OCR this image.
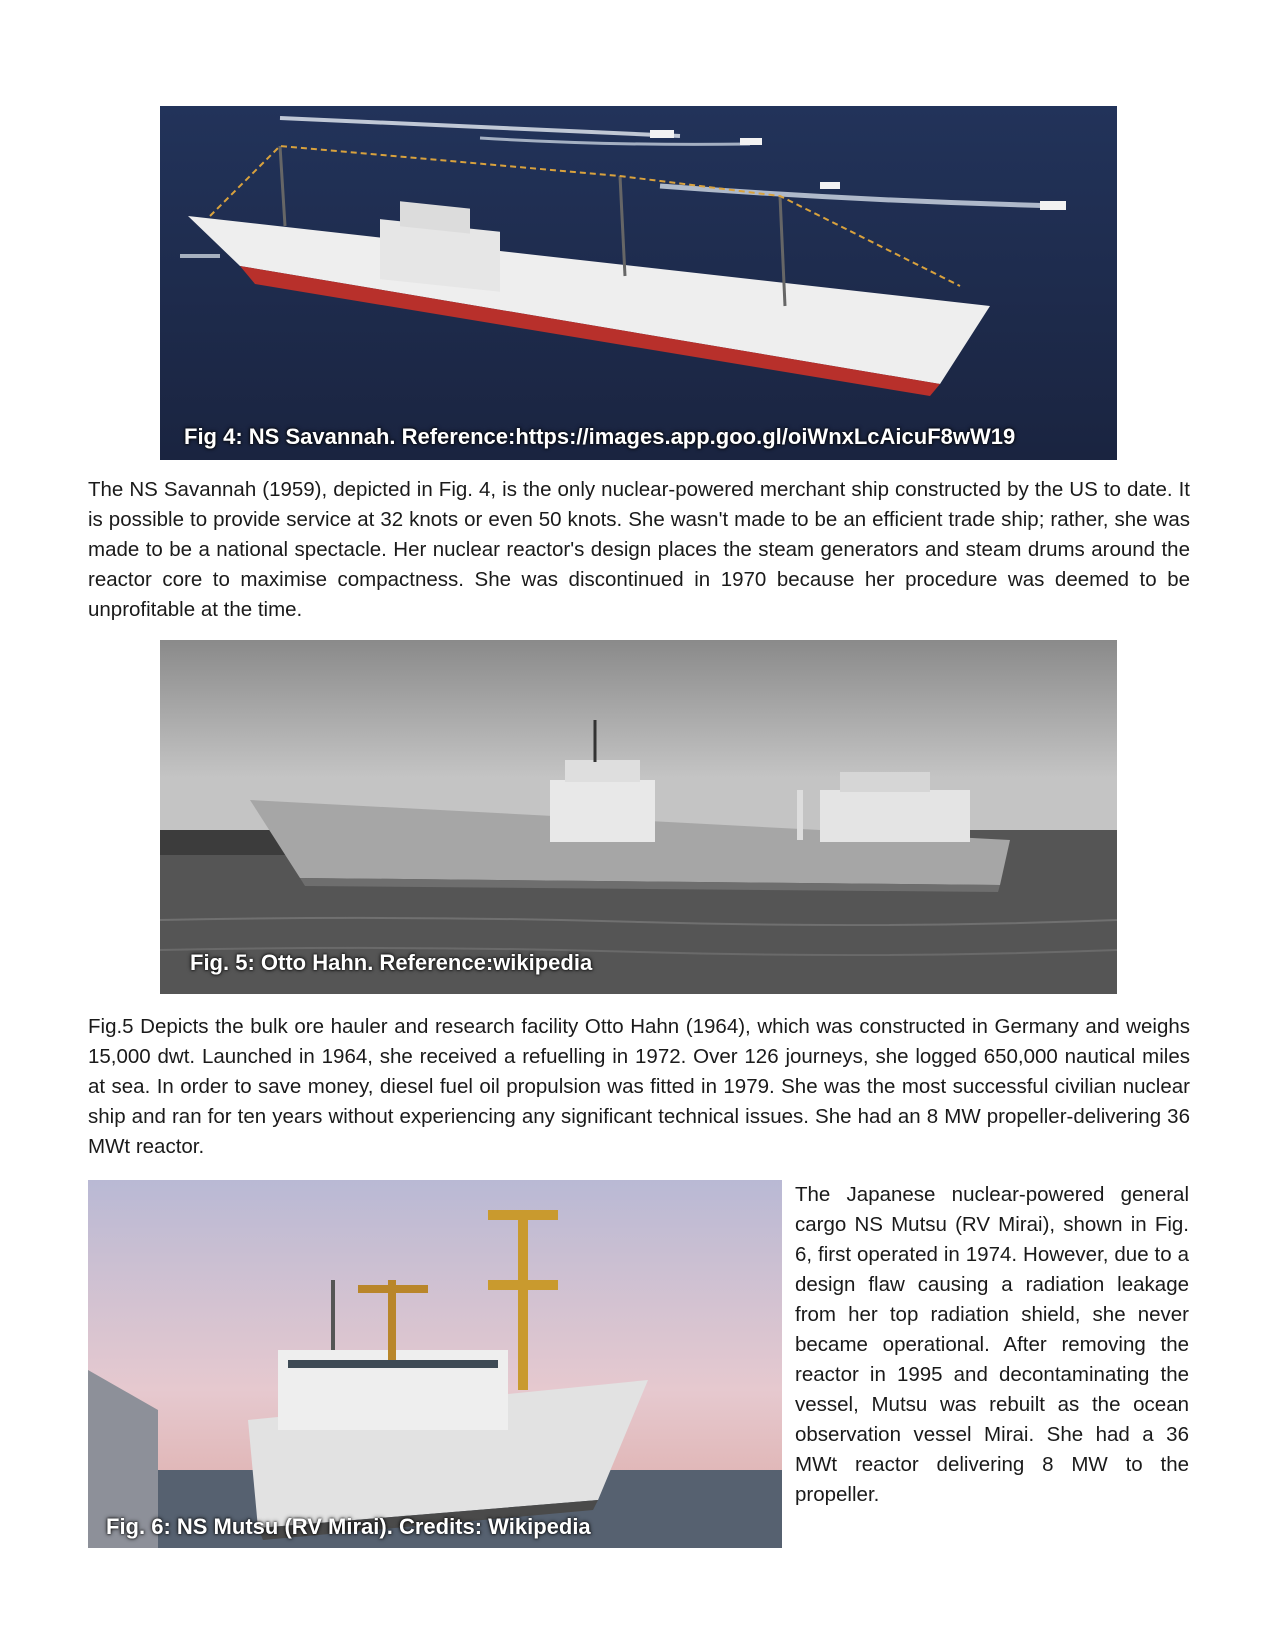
Fig 4: NS Savannah. Reference:https://images.app.goo.gl/oiWnxLcAicuF8wW19

The NS Savannah (1959), depicted in Fig. 4, is the only nuclear-powered merchant ship constructed by the US to date. It is possible to provide service at 32 knots or even 50 knots. She wasn't made to be an efficient trade ship; rather, she was made to be a national spectacle. Her nuclear reactor's design places the steam generators and steam drums around the reactor core to maximise compactness. She was discontinued in 1970 because her procedure was deemed to be unprofitable at the time.

Fig. 5: Otto Hahn. Reference:wikipedia

Fig.5 Depicts the bulk ore hauler and research facility Otto Hahn (1964), which was constructed in Germany and weighs 15,000 dwt. Launched in 1964, she received a refuelling in 1972. Over 126 journeys, she logged 650,000 nautical miles at sea. In order to save money, diesel fuel oil propulsion was fitted in 1979. She was the most successful civilian nuclear ship and ran for ten years without experiencing any significant technical issues. She had an 8 MW propeller-delivering 36 MWt reactor.

Fig. 6: NS Mutsu (RV Mirai). Credits: Wikipedia

The Japanese nuclear-powered general cargo NS Mutsu (RV Mirai), shown in Fig. 6, first operated in 1974. However, due to a design flaw causing a radiation leakage from her top radiation shield, she never became operational. After removing the reactor in 1995 and decontaminating the vessel, Mutsu was rebuilt as the ocean observation vessel Mirai. She had a 36 MWt reactor delivering 8 MW to the propeller.
